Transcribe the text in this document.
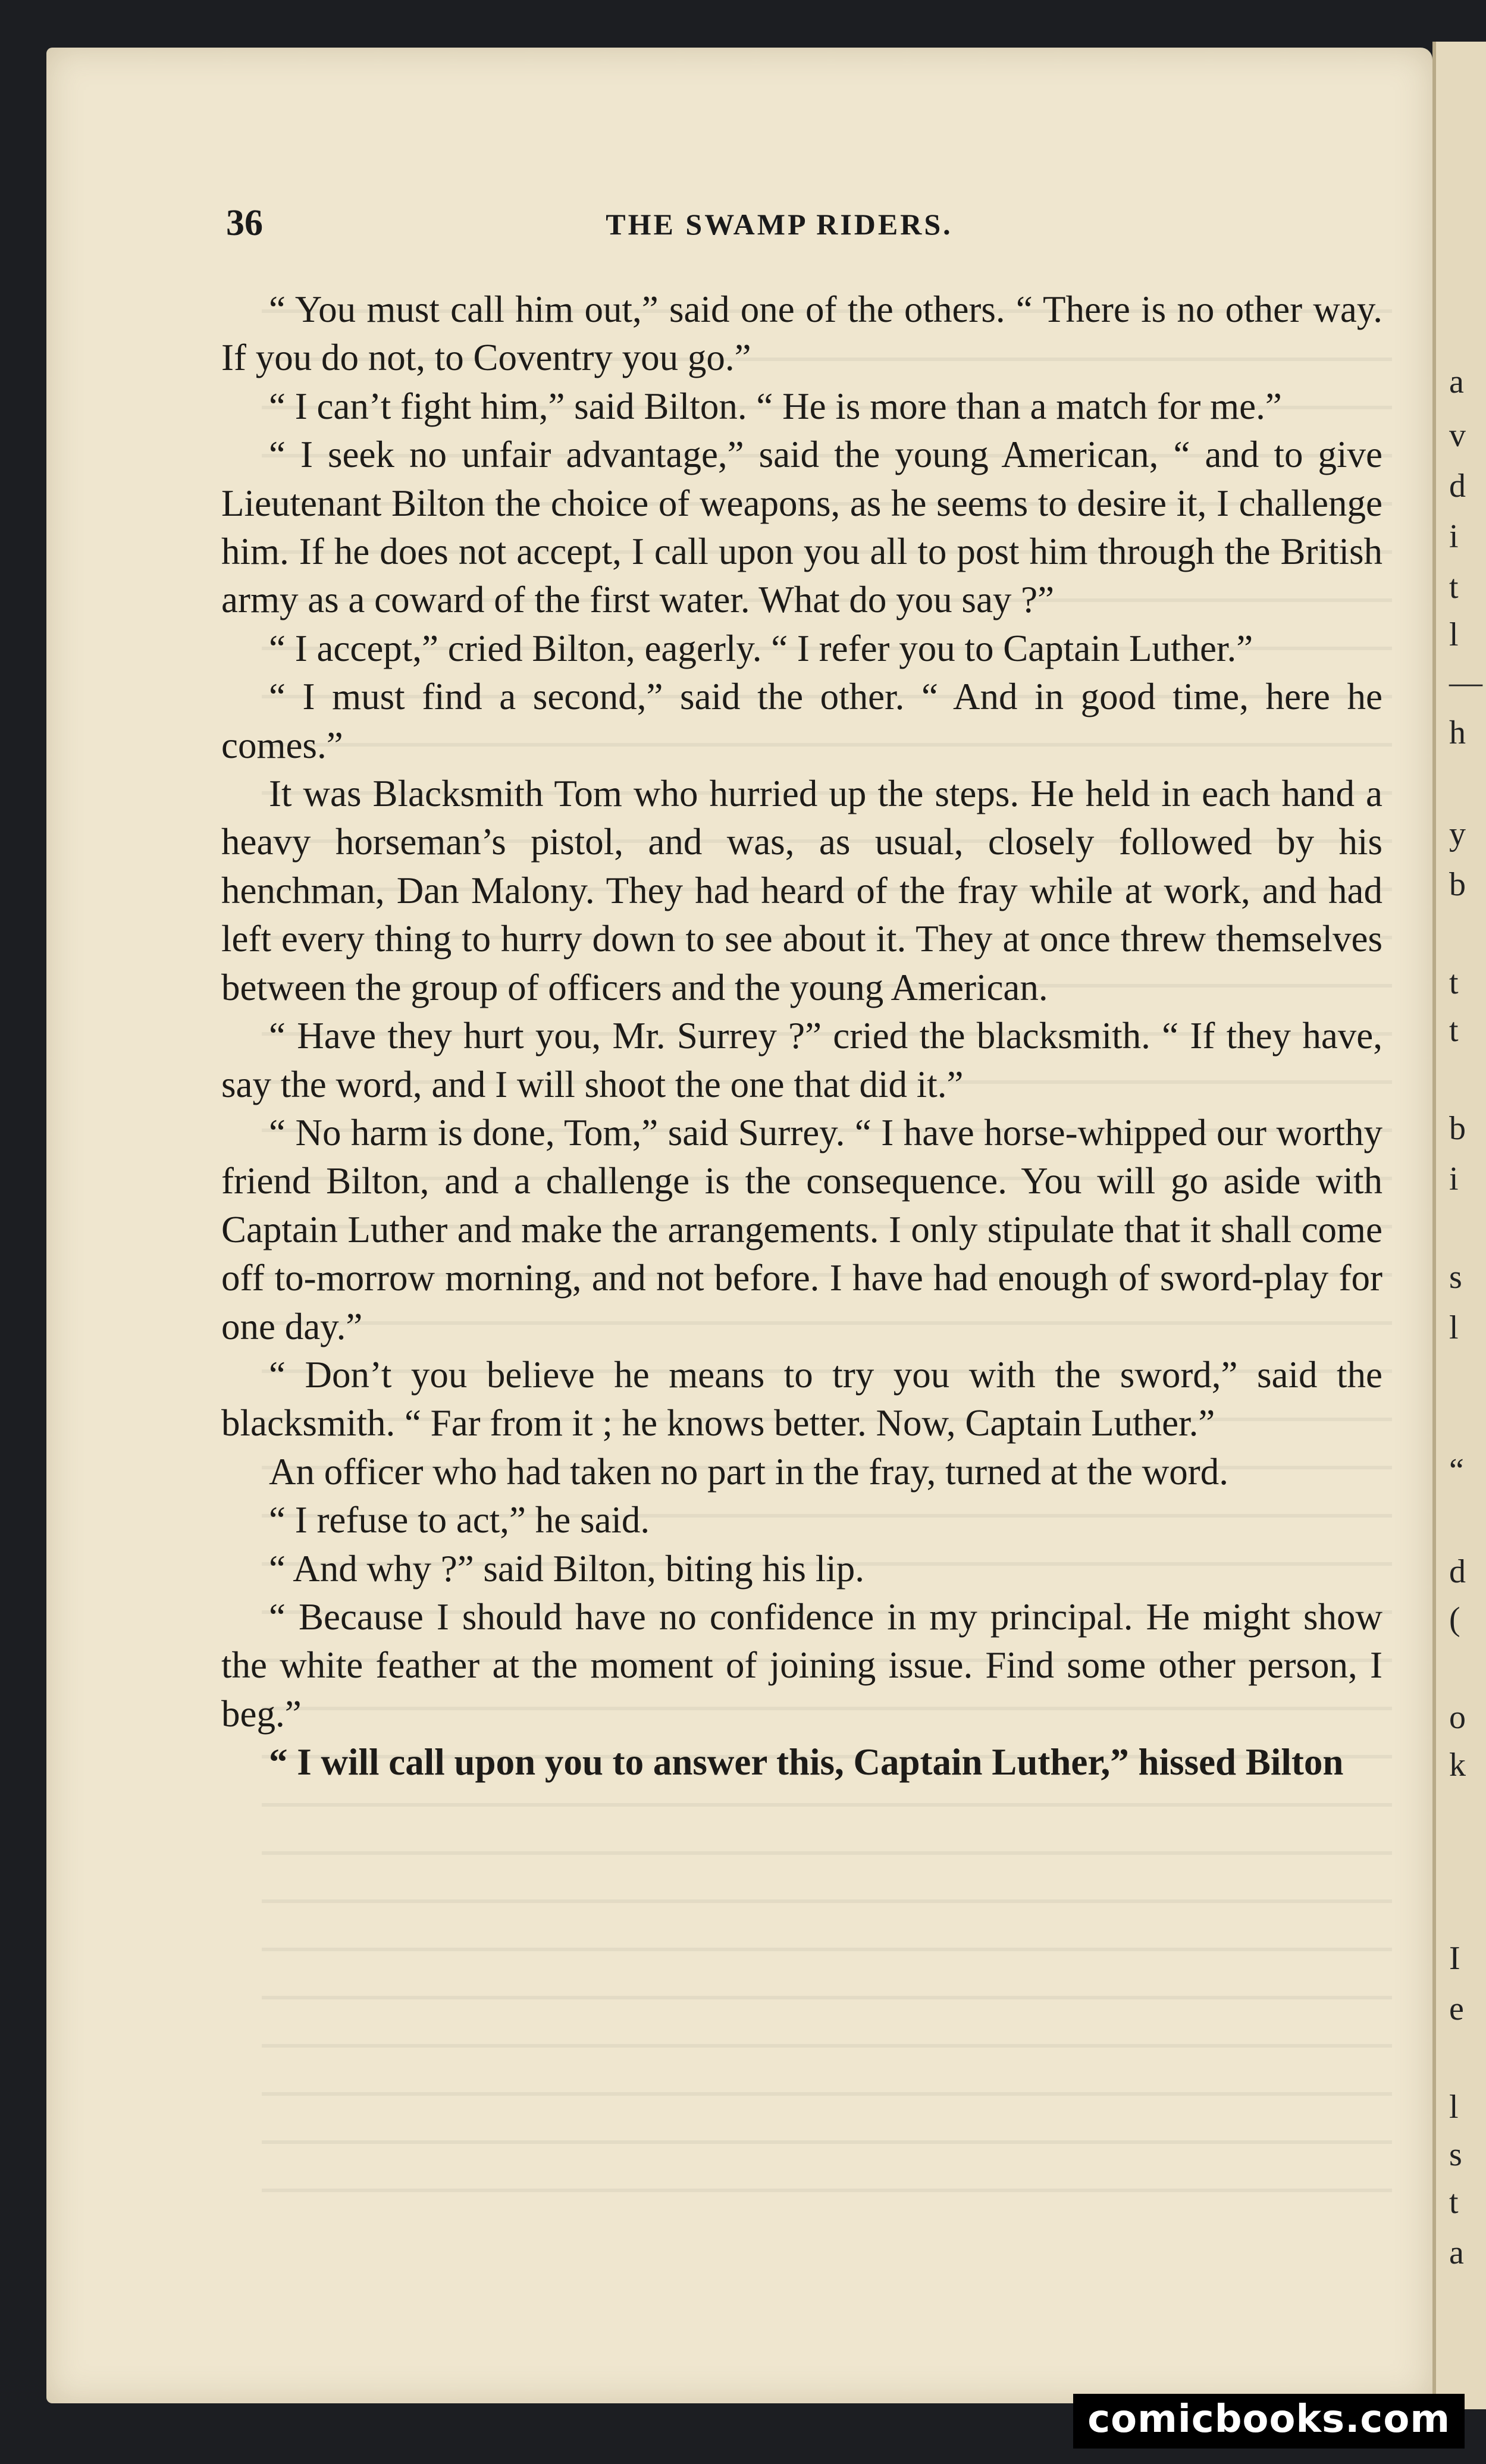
a
v
d
i
t
l
—
h
y
b
t
t
b
i
s
l
“
d
(
o
k
I
e
l
s
t
a
36	THE SWAMP RIDERS.

“ You must call him out,” said one of the others. “ There is no other way. If you do not, to Coventry you go.”

“ I can’t fight him,” said Bilton. “ He is more than a match for me.”

“ I seek no unfair advantage,” said the young American, “ and to give Lieutenant Bilton the choice of weapons, as he seems to desire it, I challenge him. If he does not accept, I call upon you all to post him through the British army as a coward of the first water. What do you say ?”

“ I accept,” cried Bilton, eagerly. “ I refer you to Captain Luther.”

“ I must find a second,” said the other. “ And in good time, here he comes.”

It was Blacksmith Tom who hurried up the steps. He held in each hand a heavy horseman’s pistol, and was, as usual, closely followed by his henchman, Dan Malony. They had heard of the fray while at work, and had left every thing to hurry down to see about it. They at once threw themselves between the group of officers and the young American.

“ Have they hurt you, Mr. Surrey ?” cried the blacksmith. “ If they have, say the word, and I will shoot the one that did it.”

“ No harm is done, Tom,” said Surrey. “ I have horse-whipped our worthy friend Bilton, and a challenge is the consequence. You will go aside with Captain Luther and make the arrangements. I only stipulate that it shall come off to-morrow morning, and not before. I have had enough of sword-play for one day.”

“ Don’t you believe he means to try you with the sword,” said the blacksmith. “ Far from it ; he knows better. Now, Captain Luther.”

An officer who had taken no part in the fray, turned at the word.

“ I refuse to act,” he said.

“ And why ?” said Bilton, biting his lip.

“ Because I should have no confidence in my principal. He might show the white feather at the moment of joining issue. Find some other person, I beg.”

“ I will call upon you to answer this, Captain Luther,” hissed Bilton

comicbooks.com
